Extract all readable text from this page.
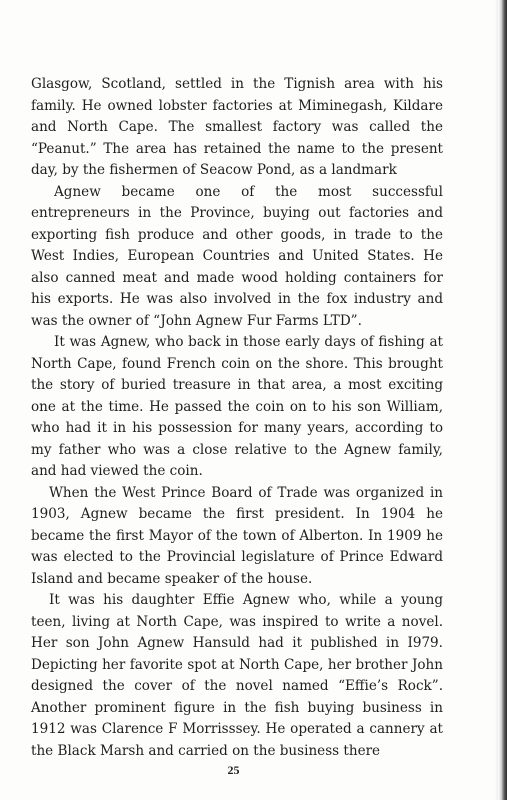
Glasgow, Scotland, settled in the Tignish area with his family. He owned lobster factories at Miminegash, Kildare and North Cape. The smallest factory was called the “Peanut.” The area has retained the name to the present day, by the fishermen of Seacow Pond, as a landmark

Agnew became one of the most successful entrepreneurs in the Province, buying out factories and exporting fish produce and other goods, in trade to the West Indies, European Countries and United States. He also canned meat and made wood holding containers for his exports. He was also involved in the fox industry and was the owner of “John Agnew Fur Farms LTD”.

It was Agnew, who back in those early days of fishing at North Cape, found French coin on the shore. This brought the story of buried treasure in that area, a most exciting one at the time. He passed the coin on to his son William, who had it in his possession for many years, according to my father who was a close relative to the Agnew family, and had viewed the coin.

When the West Prince Board of Trade was organized in 1903, Agnew became the first president. In 1904 he became the first Mayor of the town of Alberton. In 1909 he was elected to the Provincial legislature of Prince Edward Island and became speaker of the house.

It was his daughter Effie Agnew who, while a young teen, living at North Cape, was inspired to write a novel. Her son John Agnew Hansuld had it published in I979. Depicting her favorite spot at North Cape, her brother John designed the cover of the novel named “Effie’s Rock”. Another prominent figure in the fish buying business in 1912 was Clarence F Morrisssey. He operated a cannery at the Black Marsh and carried on the business there

25
